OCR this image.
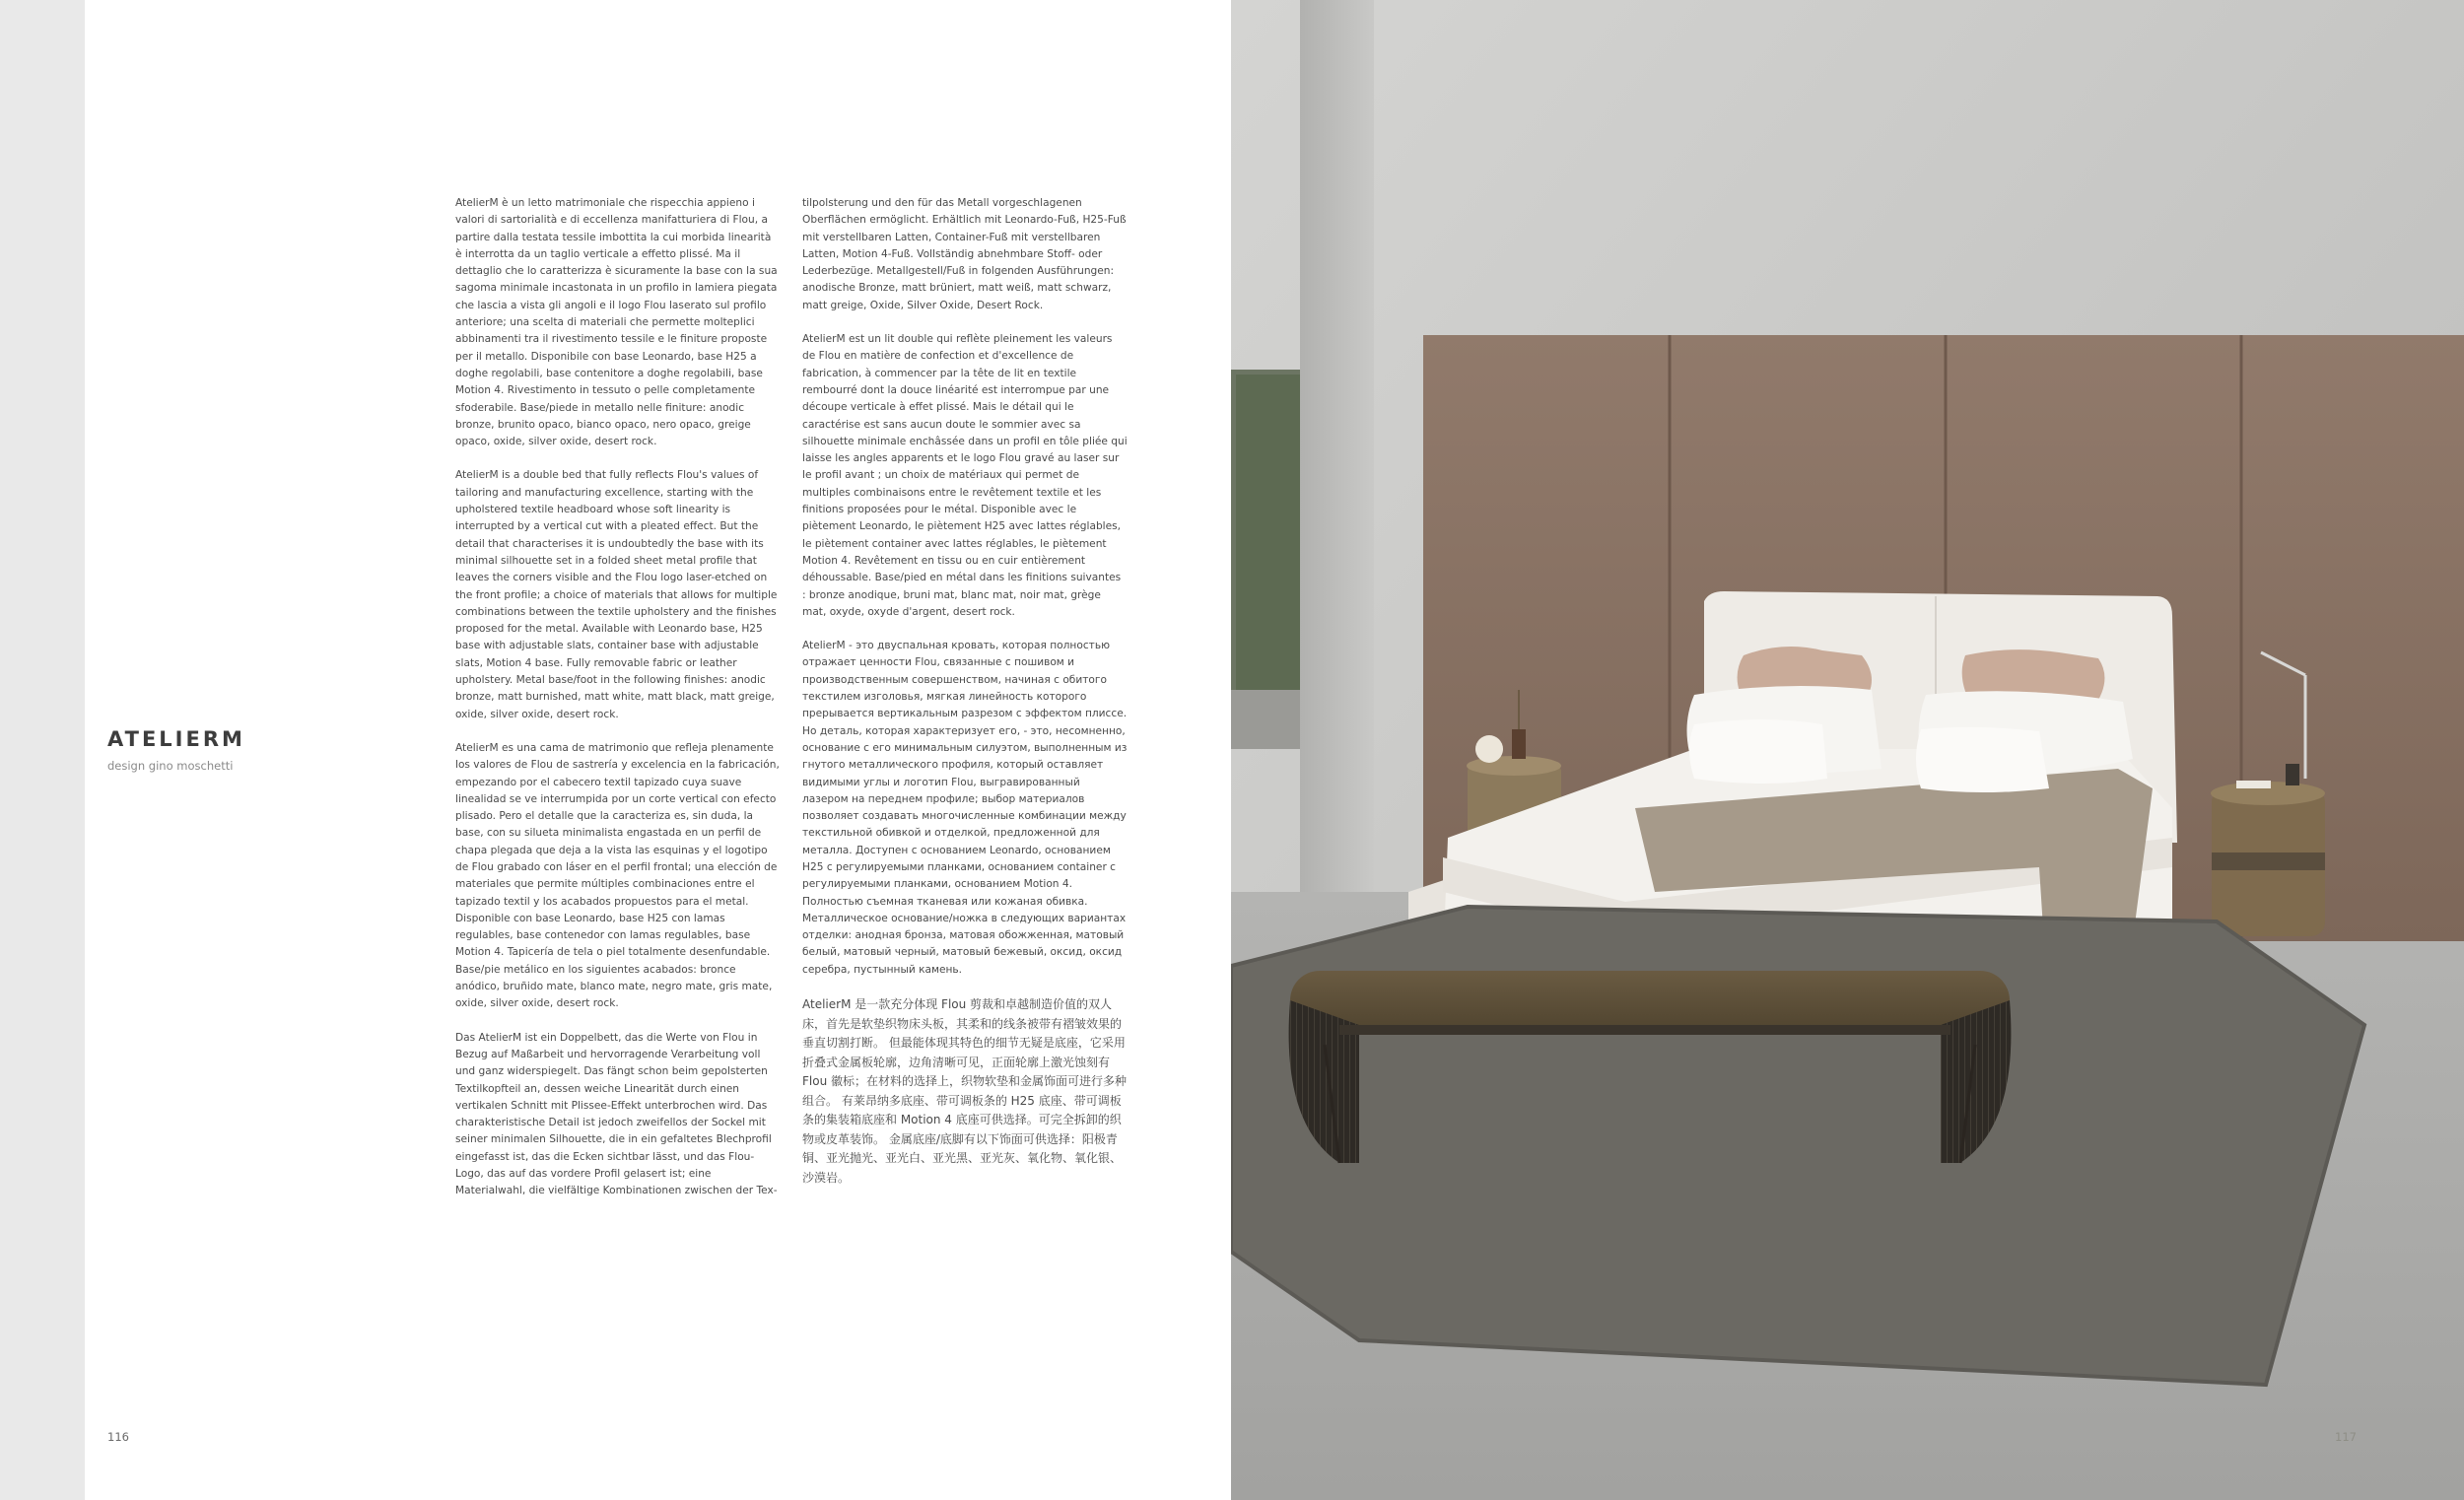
ATELIERM
design gino moschetti

AtelierM è un letto matrimoniale che rispecchia appieno i valori di sartorialità e di eccellenza manifatturiera di Flou, a partire dalla testata tessile imbottita la cui morbida linearità è interrotta da un taglio verticale a effetto plissé. Ma il dettaglio che lo caratterizza è sicuramente la base con la sua sagoma minimale incastonata in un profilo in lamiera piegata che lascia a vista gli angoli e il logo Flou laserato sul profilo anteriore; una scelta di materiali che permette molteplici abbinamenti tra il rivestimento tessile e le finiture proposte per il metallo. Disponibile con base Leonardo, base H25 a doghe regolabili, base contenitore a doghe regolabili, base Motion 4. Rivestimento in tessuto o pelle completamente sfoderabile. Base/piede in metallo nelle finiture: anodic bronze, brunito opaco, bianco opaco, nero opaco, greige opaco, oxide, silver oxide, desert rock.

AtelierM is a double bed that fully reflects Flou's values of tailoring and manufacturing excellence, starting with the upholstered textile headboard whose soft linearity is interrupted by a vertical cut with a pleated effect. But the detail that characterises it is undoubtedly the base with its minimal silhouette set in a folded sheet metal profile that leaves the corners visible and the Flou logo laser-etched on the front profile; a choice of materials that allows for multiple combinations between the textile upholstery and the finishes proposed for the metal. Available with Leonardo base, H25 base with adjustable slats, container base with adjustable slats, Motion 4 base. Fully removable fabric or leather upholstery. Metal base/foot in the following finishes: anodic bronze, matt burnished, matt white, matt black, matt greige, oxide, silver oxide, desert rock.

AtelierM es una cama de matrimonio que refleja plenamente los valores de Flou de sastrería y excelencia en la fabricación, empezando por el cabecero textil tapizado cuya suave linealidad se ve interrumpida por un corte vertical con efecto plisado. Pero el detalle que la caracteriza es, sin duda, la base, con su silueta minimalista engastada en un perfil de chapa plegada que deja a la vista las esquinas y el logotipo de Flou grabado con láser en el perfil frontal; una elección de materiales que permite múltiples combinaciones entre el tapizado textil y los acabados propuestos para el metal. Disponible con base Leonardo, base H25 con lamas regulables, base contenedor con lamas regulables, base Motion 4. Tapicería de tela o piel totalmente desenfundable. Base/pie metálico en los siguientes acabados: bronce anódico, bruñido mate, blanco mate, negro mate, gris mate, oxide, silver oxide, desert rock.

Das AtelierM ist ein Doppelbett, das die Werte von Flou in Bezug auf Maßarbeit und hervorragende Verarbeitung voll und ganz widerspiegelt. Das fängt schon beim gepolsterten Textilkopfteil an, dessen weiche Linearität durch einen vertikalen Schnitt mit Plissee-Effekt unterbrochen wird. Das charakteristische Detail ist jedoch zweifellos der Sockel mit seiner minimalen Silhouette, die in ein gefaltetes Blechprofil eingefasst ist, das die Ecken sichtbar lässt, und das Flou-Logo, das auf das vordere Profil gelasert ist; eine Materialwahl, die vielfältige Kombinationen zwischen der Tex-

tilpolsterung und den für das Metall vorgeschlagenen Oberflächen ermöglicht. Erhältlich mit Leonardo-Fuß, H25-Fuß mit verstellbaren Latten, Container-Fuß mit verstellbaren Latten, Motion 4-Fuß. Vollständig abnehmbare Stoff- oder Lederbezüge. Metallgestell/Fuß in folgenden Ausführungen: anodische Bronze, matt brüniert, matt weiß, matt schwarz, matt greige, Oxide, Silver Oxide, Desert Rock.

AtelierM est un lit double qui reflète pleinement les valeurs de Flou en matière de confection et d'excellence de fabrication, à commencer par la tête de lit en textile rembourré dont la douce linéarité est interrompue par une découpe verticale à effet plissé. Mais le détail qui le caractérise est sans aucun doute le sommier avec sa silhouette minimale enchâssée dans un profil en tôle pliée qui laisse les angles apparents et le logo Flou gravé au laser sur le profil avant ; un choix de matériaux qui permet de multiples combinaisons entre le revêtement textile et les finitions proposées pour le métal. Disponible avec le piètement Leonardo, le piètement H25 avec lattes réglables, le piètement container avec lattes réglables, le piètement Motion 4. Revêtement en tissu ou en cuir entièrement déhoussable. Base/pied en métal dans les finitions suivantes : bronze anodique, bruni mat, blanc mat, noir mat, grège mat, oxyde, oxyde d'argent, desert rock.

AtelierM - это двуспальная кровать, которая полностью отражает ценности Flou, связанные с пошивом и производственным совершенством, начиная с обитого текстилем изголовья, мягкая линейность которого прерывается вертикальным разрезом с эффектом плиссе. Но деталь, которая характеризует его, - это, несомненно, основание с его минимальным силуэтом, выполненным из гнутого металлического профиля, который оставляет видимыми углы и логотип Flou, выгравированный лазером на переднем профиле; выбор материалов позволяет создавать многочисленные комбинации между текстильной обивкой и отделкой, предложенной для металла. Доступен с основанием Leonardo, основанием H25 с регулируемыми планками, основанием container с регулируемыми планками, основанием Motion 4. Полностью съемная тканевая или кожаная обивка. Металлическое основание/ножка в следующих вариантах отделки: анодная бронза, матовая обожженная, матовый белый, матовый черный, матовый бежевый, оксид, оксид серебра, пустынный камень.

AtelierM 是一款充分体现 Flou 剪裁和卓越制造价值的双人床，首先是软垫织物床头板，其柔和的线条被带有褶皱效果的垂直切割打断。 但最能体现其特色的细节无疑是底座，它采用折叠式金属板轮廓，边角清晰可见，正面轮廓上激光蚀刻有 Flou 徽标；在材料的选择上，织物软垫和金属饰面可进行多种组合。 有莱昂纳多底座、带可调板条的 H25 底座、带可调板条的集装箱底座和 Motion 4 底座可供选择。可完全拆卸的织物或皮革装饰。 金属底座/底脚有以下饰面可供选择：阳极青铜、亚光抛光、亚光白、亚光黑、亚光灰、氧化物、氧化银、沙漠岩。

116	117
